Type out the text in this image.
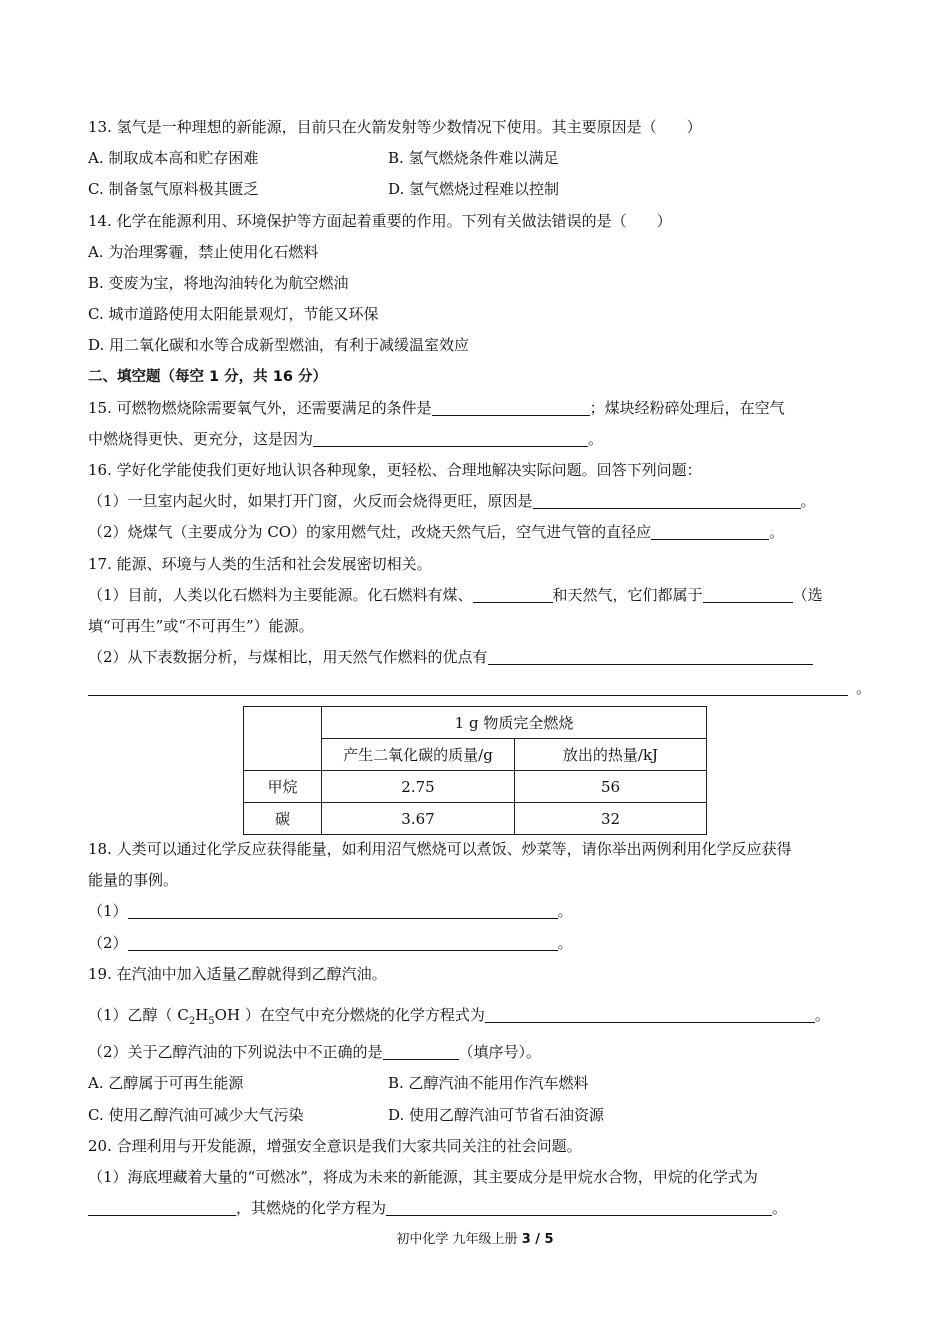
13. 氢气是一种理想的新能源，目前只在火箭发射等少数情况下使用。其主要原因是（　　）
A. 制取成本高和贮存困难	B. 氢气燃烧条件难以满足
C. 制备氢气原料极其匮乏	D. 氢气燃烧过程难以控制
14. 化学在能源利用、环境保护等方面起着重要的作用。下列有关做法错误的是（　　）
A. 为治理雾霾，禁止使用化石燃料
B. 变废为宝，将地沟油转化为航空燃油
C. 城市道路使用太阳能景观灯，节能又环保
D. 用二氧化碳和水等合成新型燃油，有利于减缓温室效应
二、填空题（每空 1 分，共 16 分）
15. 可燃物燃烧除需要氧气外，还需要满足的条件是	；煤块经粉碎处理后，在空气
中燃烧得更快、更充分，这是因为	。
16. 学好化学能使我们更好地认识各种现象，更轻松、合理地解决实际问题。回答下列问题：
（1）一旦室内起火时，如果打开门窗，火反而会烧得更旺，原因是	。
（2）烧煤气（主要成分为 CO）的家用燃气灶，改烧天然气后，空气进气管的直径应	。
17. 能源、环境与人类的生活和社会发展密切相关。
（1）目前，人类以化石燃料为主要能源。化石燃料有煤、	和天然气，它们都属于	（选
填“可再生”或“不可再生”）能源。
（2）从下表数据分析，与煤相比，用天然气作燃料的优点有
。
	1 g 物质完全燃烧	
	产生二氧化碳的质量/g	放出的热量/kJ
甲烷	2.75	56
碳	3.67	32
18. 人类可以通过化学反应获得能量，如利用沼气燃烧可以煮饭、炒菜等，请你举出两例利用化学反应获得
能量的事例。
（1）	。
（2）	。
19. 在汽油中加入适量乙醇就得到乙醇汽油。
（1）乙醇（ $C_2H_5OH$ ）在空气中充分燃烧的化学方程式为	。
（2）关于乙醇汽油的下列说法中不正确的是	（填序号）。
A. 乙醇属于可再生能源	B. 乙醇汽油不能用作汽车燃料
C. 使用乙醇汽油可减少大气污染	D. 使用乙醇汽油可节省石油资源
20. 合理利用与开发能源，增强安全意识是我们大家共同关注的社会问题。
（1）海底埋藏着大量的“可燃冰”，将成为未来的新能源，其主要成分是甲烷水合物，甲烷的化学式为
，其燃烧的化学方程为	。
初中化学 九年级上册 3 / 5
